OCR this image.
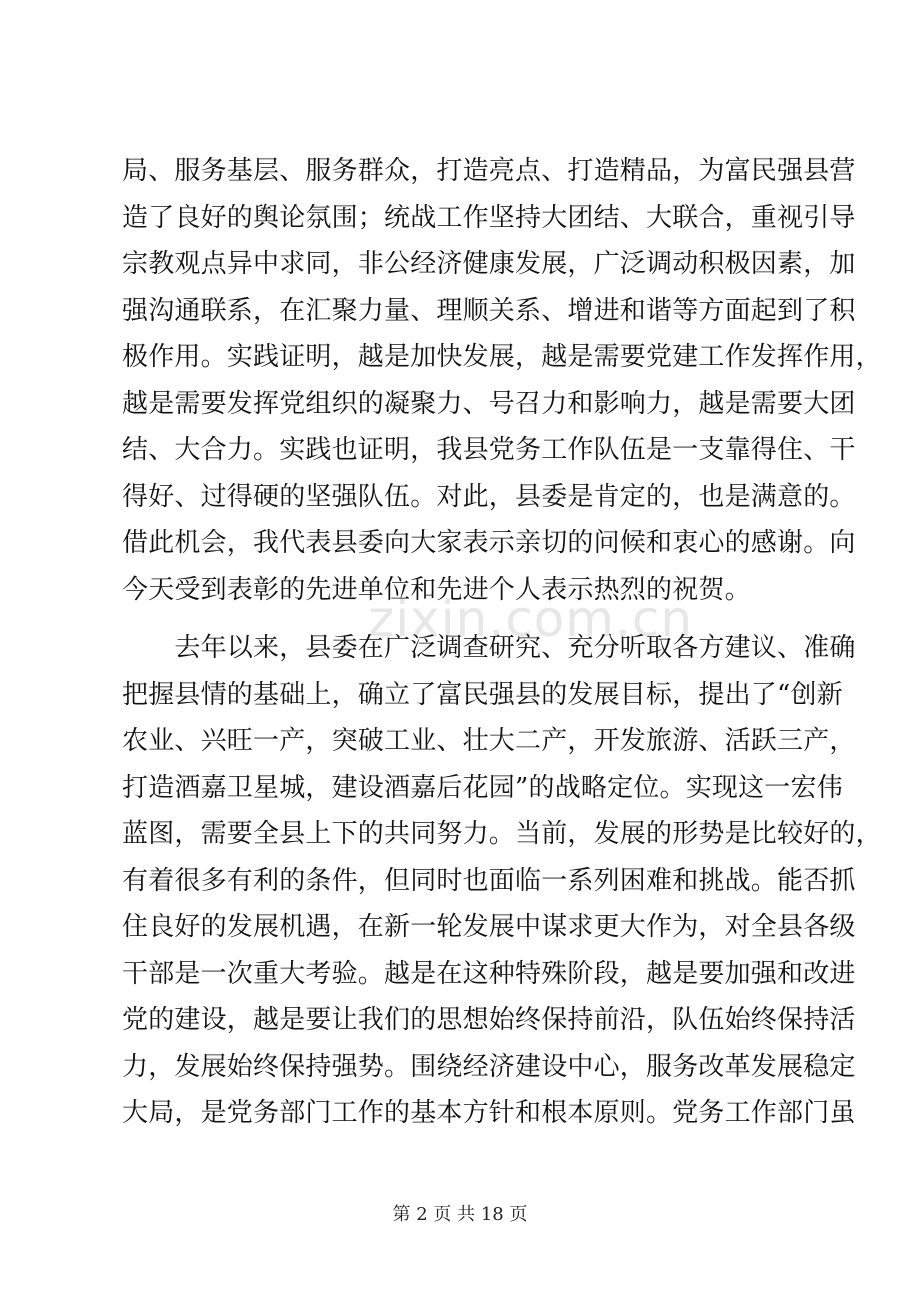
zixin.com.cn
局、服务基层、服务群众，打造亮点、打造精品，为富民强县营
造了良好的舆论氛围；统战工作坚持大团结、大联合，重视引导
宗教观点异中求同，非公经济健康发展，广泛调动积极因素，加
强沟通联系，在汇聚力量、理顺关系、增进和谐等方面起到了积
极作用。实践证明，越是加快发展，越是需要党建工作发挥作用，
越是需要发挥党组织的凝聚力、号召力和影响力，越是需要大团
结、大合力。实践也证明，我县党务工作队伍是一支靠得住、干
得好、过得硬的坚强队伍。对此，县委是肯定的，也是满意的。
借此机会，我代表县委向大家表示亲切的问候和衷心的感谢。向
今天受到表彰的先进单位和先进个人表示热烈的祝贺。
　　去年以来，县委在广泛调查研究、充分听取各方建议、准确
把握县情的基础上，确立了富民强县的发展目标，提出了“创新
农业、兴旺一产，突破工业、壮大二产，开发旅游、活跃三产，
打造酒嘉卫星城，建设酒嘉后花园”的战略定位。实现这一宏伟
蓝图，需要全县上下的共同努力。当前，发展的形势是比较好的，
有着很多有利的条件，但同时也面临一系列困难和挑战。能否抓
住良好的发展机遇，在新一轮发展中谋求更大作为，对全县各级
干部是一次重大考验。越是在这种特殊阶段，越是要加强和改进
党的建设，越是要让我们的思想始终保持前沿，队伍始终保持活
力，发展始终保持强势。围绕经济建设中心，服务改革发展稳定
大局，是党务部门工作的基本方针和根本原则。党务工作部门虽
第 2 页 共 18 页
